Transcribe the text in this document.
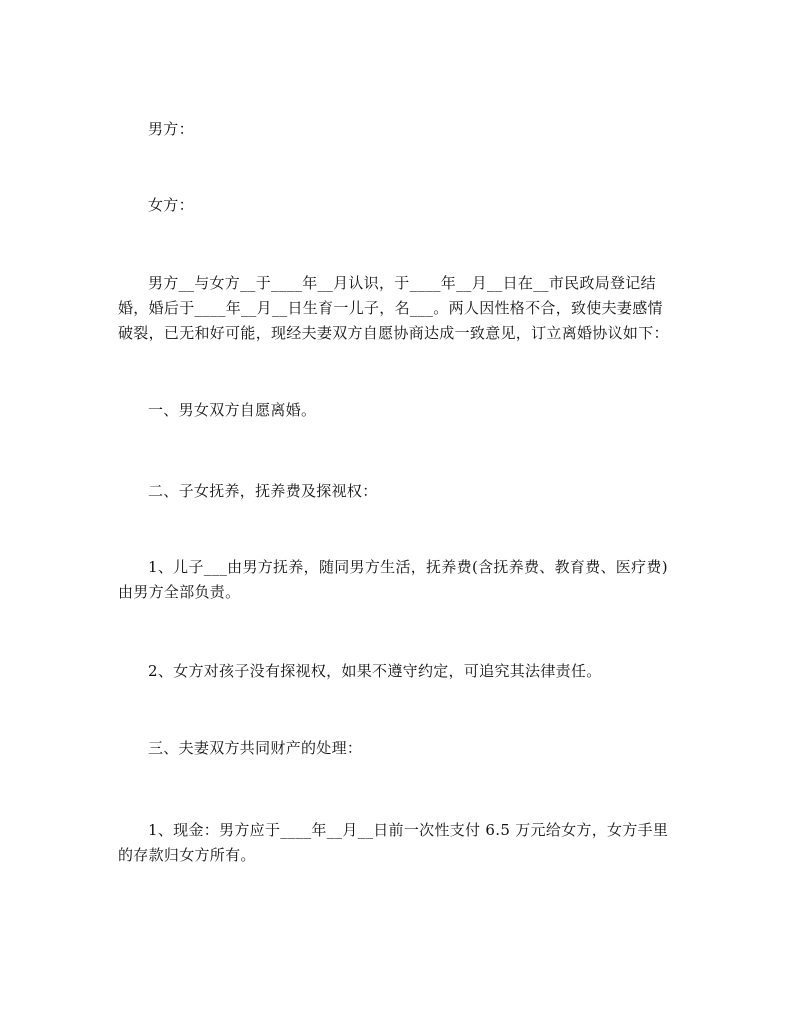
男方：

女方：

男方__与女方__于____年__月认识，于____年__月__日在__市民政局登记结
婚，婚后于____年__月__日生育一儿子，名___。两人因性格不合，致使夫妻感情
破裂，已无和好可能，现经夫妻双方自愿协商达成一致意见，订立离婚协议如下：

一、男女双方自愿离婚。

二、子女抚养，抚养费及探视权：

1、儿子___由男方抚养，随同男方生活，抚养费(含抚养费、教育费、医疗费)
由男方全部负责。

2、女方对孩子没有探视权，如果不遵守约定，可追究其法律责任。

三、夫妻双方共同财产的处理：

1、现金：男方应于____年__月__日前一次性支付 6.5 万元给女方，女方手里
的存款归女方所有。
